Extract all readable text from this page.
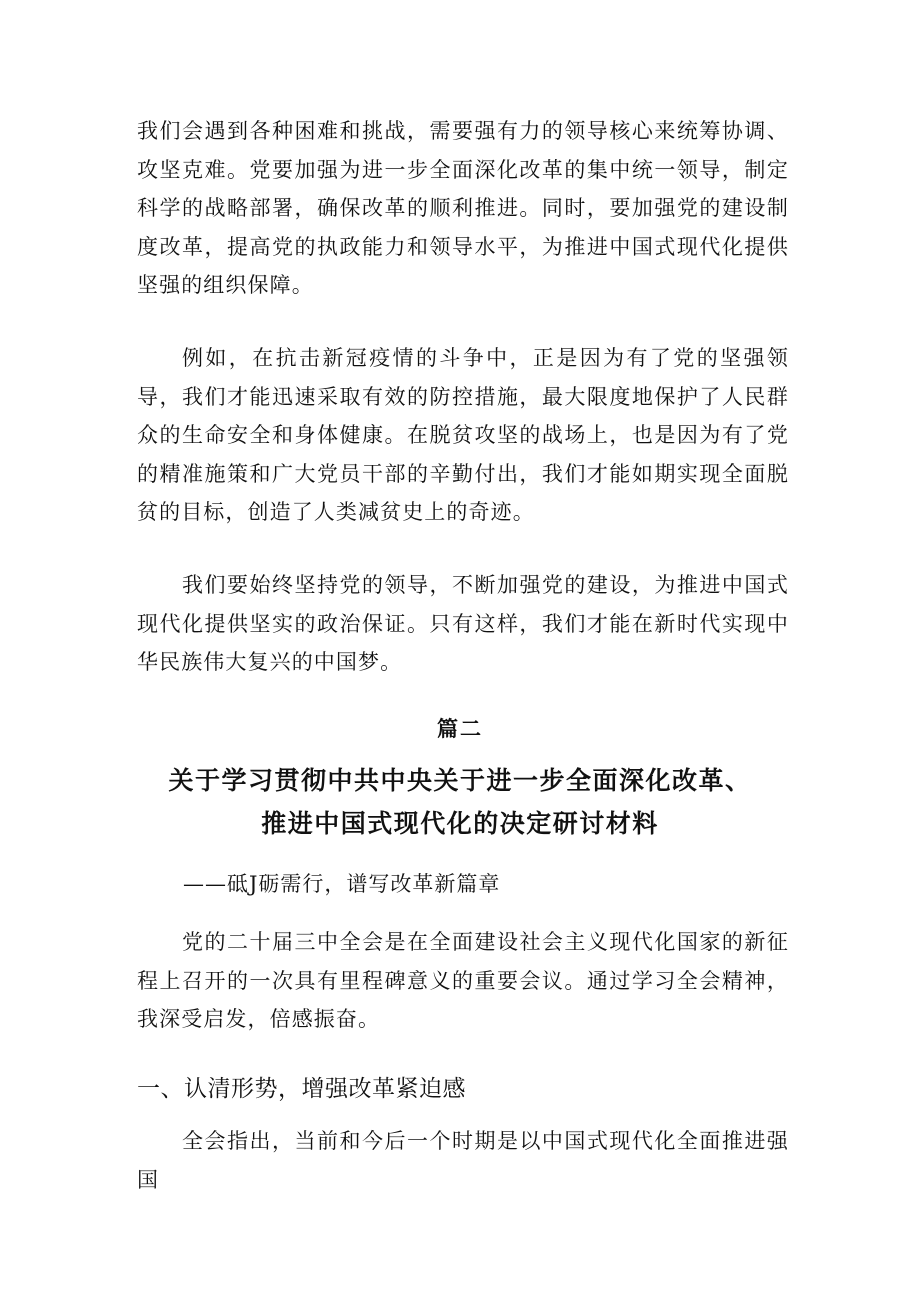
我们会遇到各种困难和挑战，需要强有力的领导核心来统筹协调、攻坚克难。党要加强为进一步全面深化改革的集中统一领导，制定科学的战略部署，确保改革的顺利推进。同时，要加强党的建设制度改革，提高党的执政能力和领导水平，为推进中国式现代化提供坚强的组织保障。

例如，在抗击新冠疫情的斗争中，正是因为有了党的坚强领导，我们才能迅速采取有效的防控措施，最大限度地保护了人民群众的生命安全和身体健康。在脱贫攻坚的战场上，也是因为有了党的精准施策和广大党员干部的辛勤付出，我们才能如期实现全面脱贫的目标，创造了人类减贫史上的奇迹。

我们要始终坚持党的领导，不断加强党的建设，为推进中国式现代化提供坚实的政治保证。只有这样，我们才能在新时代实现中华民族伟大复兴的中国梦。

篇二

关于学习贯彻中共中央关于进一步全面深化改革、
推进中国式现代化的决定研讨材料

——砥J砺需行，谱写改革新篇章

党的二十届三中全会是在全面建设社会主义现代化国家的新征程上召开的一次具有里程碑意义的重要会议。通过学习全会精神，我深受启发，倍感振奋。

一、认清形势，增强改革紧迫感

全会指出，当前和今后一个时期是以中国式现代化全面推进强国
